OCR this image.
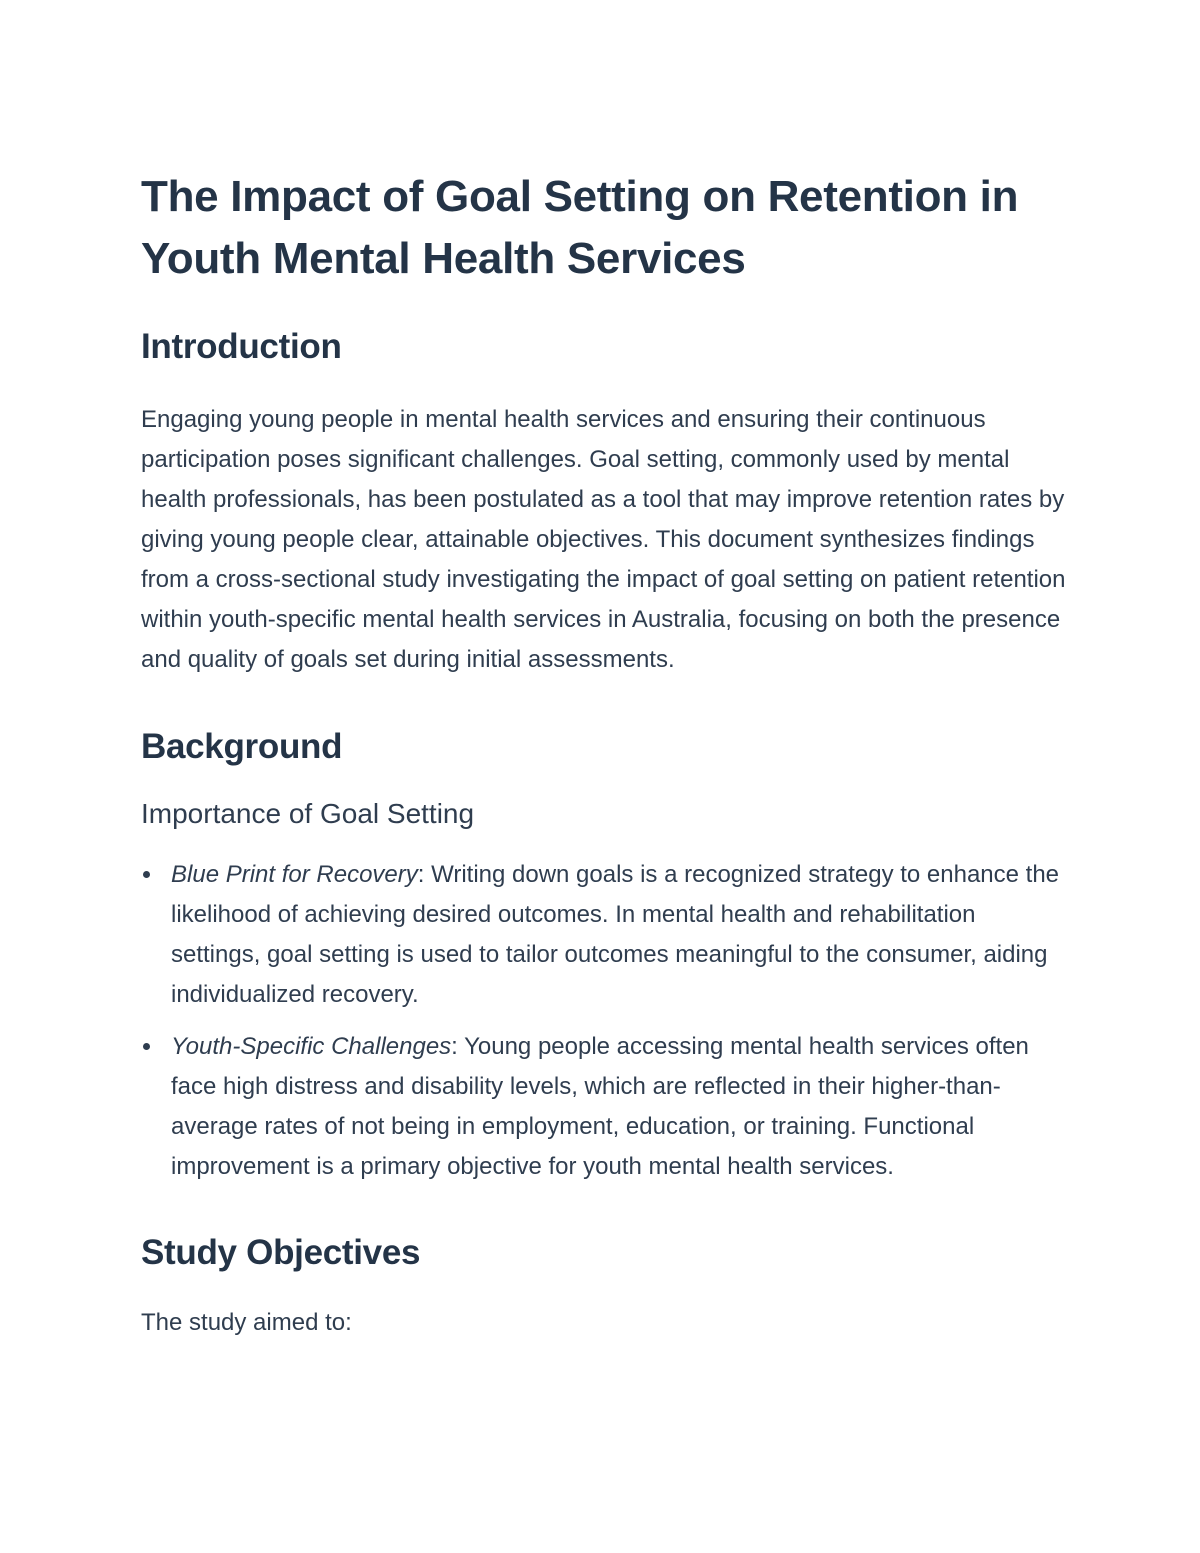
The Impact of Goal Setting on Retention in Youth Mental Health Services
Introduction

Engaging young people in mental health services and ensuring their continuous participation poses significant challenges. Goal setting, commonly used by mental health professionals, has been postulated as a tool that may improve retention rates by giving young people clear, attainable objectives. This document synthesizes findings from a cross-sectional study investigating the impact of goal setting on patient retention within youth-specific mental health services in Australia, focusing on both the presence and quality of goals set during initial assessments.

Background
Importance of Goal Setting
Blue Print for Recovery: Writing down goals is a recognized strategy to enhance the likelihood of achieving desired outcomes. In mental health and rehabilitation settings, goal setting is used to tailor outcomes meaningful to the consumer, aiding individualized recovery.
Youth-Specific Challenges: Young people accessing mental health services often face high distress and disability levels, which are reflected in their higher-than-average rates of not being in employment, education, or training. Functional improvement is a primary objective for youth mental health services.
Study Objectives

The study aimed to:
